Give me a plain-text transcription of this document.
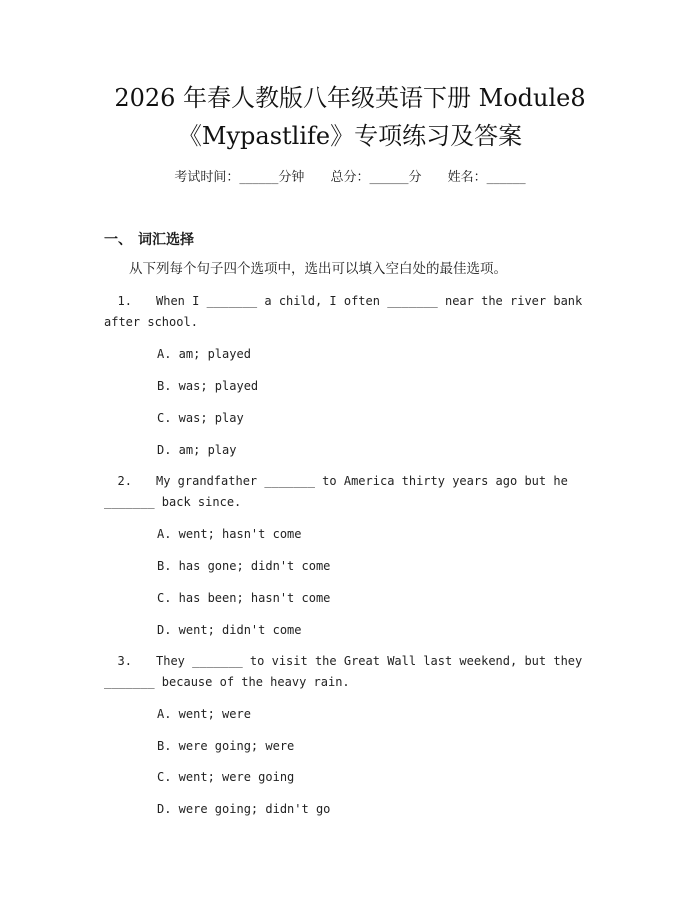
2026 年春人教版八年级英语下册 Module8
《Mypastlife》专项练习及答案
考试时间：______分钟 总分：______分 姓名：______
一、 词汇选择
从下列每个句子四个选项中，选出可以填入空白处的最佳选项。
1. When I _______ a child, I often _______ near the river bank
after school.
A. am; played
B. was; played
C. was; play
D. am; play
2. My grandfather _______ to America thirty years ago but he
_______ back since.
A. went; hasn't come
B. has gone; didn't come
C. has been; hasn't come
D. went; didn't come
3. They _______ to visit the Great Wall last weekend, but they
_______ because of the heavy rain.
A. went; were
B. were going; were
C. went; were going
D. were going; didn't go
